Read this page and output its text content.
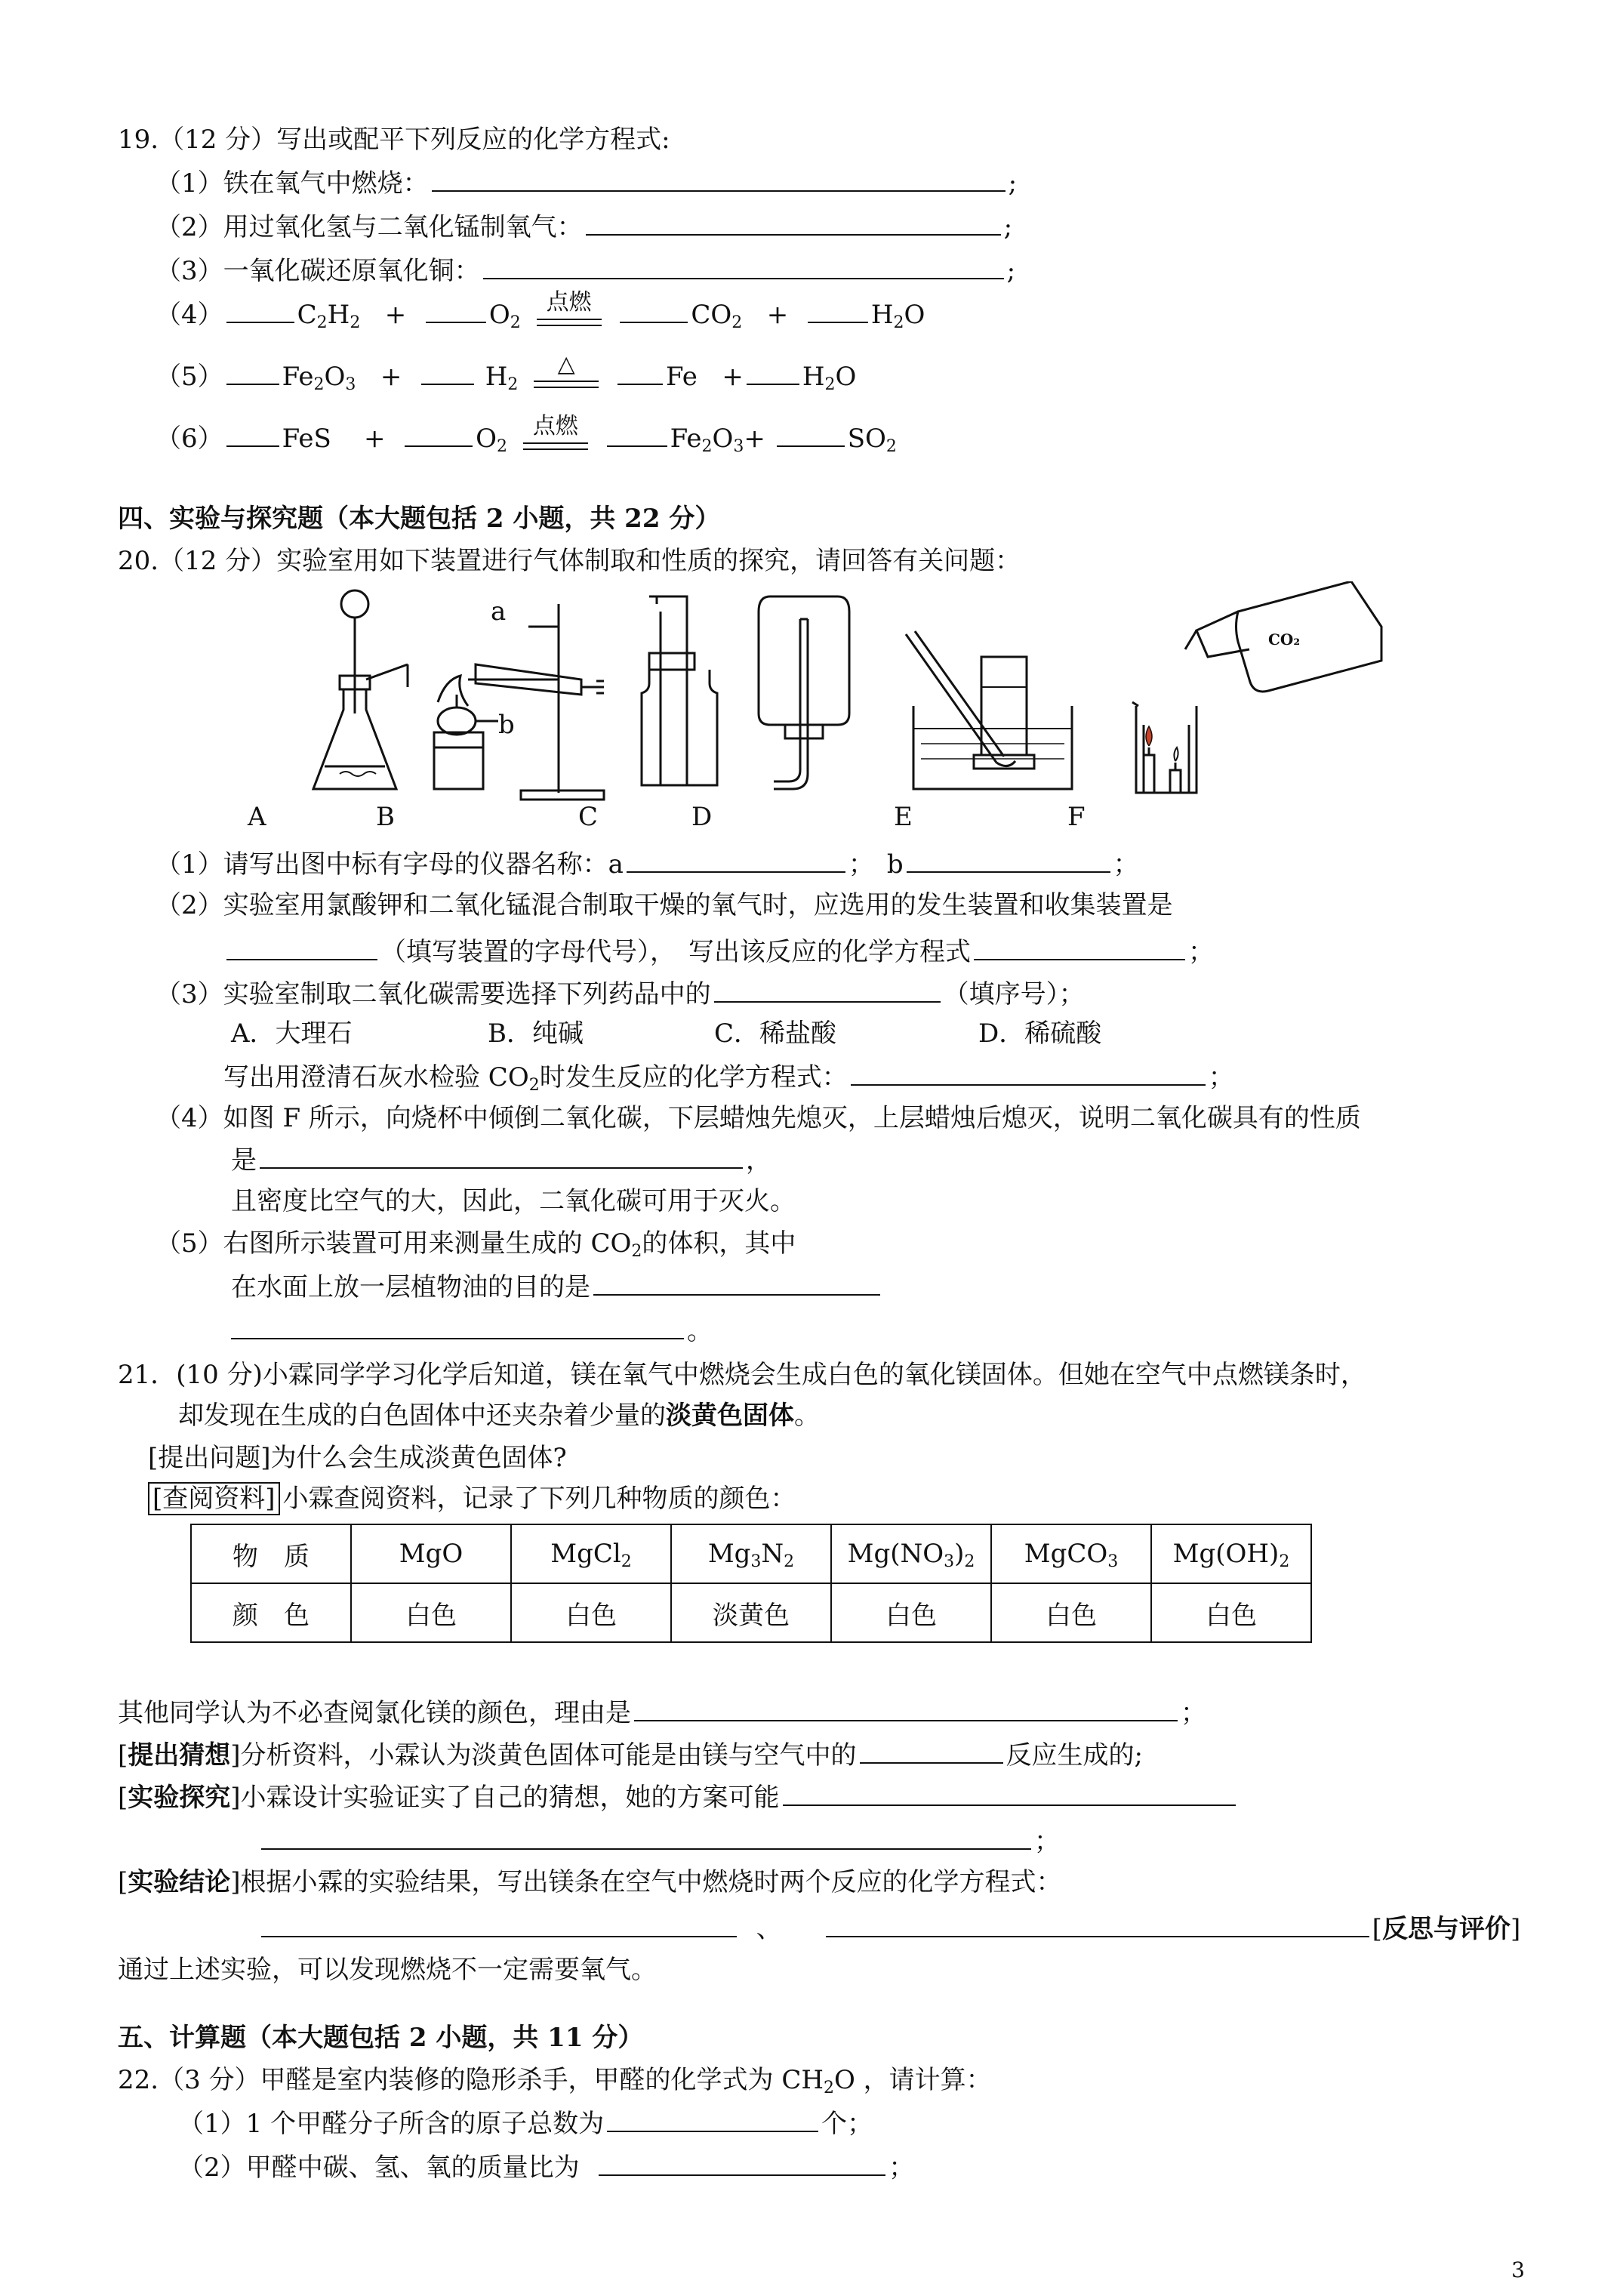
19.（12 分）写出或配平下列反应的化学方程式:
（1）铁在氧气中燃烧：	;
（2）用过氧化氢与二氧化锰制氧气：	;
（3）一氧化碳还原氧化铜：	;
（4）	$C_2H_2$ +	$O_2$
点燃	$CO_2$ +	$H_2O$
（5） $Fe_2O_3$ +	$H_2$
△	$Fe + H_2O$
（6） FeS +	$O_2$
点燃	$Fe_2O_3+$	$SO_2$
四、实验与探究题（本大题包括 2 小题，共 22 分）
20.（12 分）实验室用如下装置进行气体制取和性质的探究，请回答有关问题：
a
b
CO₂
A	B	C	D	E	F
（1）请写出图中标有字母的仪器名称：a	；　b	；
（2）实验室用氯酸钾和二氧化锰混合制取干燥的氧气时，应选用的发生装置和收集装置是
（填写装置的字母代号），　写出该反应的化学方程式	；
（3）实验室制取二氧化碳需要选择下列药品中的	（填序号）；
A．大理石	B．纯碱	C．稀盐酸	D．稀硫酸
写出用澄清石灰水检验 $CO_2$时发生反应的化学方程式：	；
（4）如图 F 所示，向烧杯中倾倒二氧化碳，下层蜡烛先熄灭，上层蜡烛后熄灭，说明二氧化碳具有的性质
是	，
且密度比空气的大，因此，二氧化碳可用于灭火。
（5）右图所示装置可用来测量生成的 $CO_2$的体积，其中
在水面上放一层植物油的目的是
。
21．(10 分)小霖同学学习化学后知道，镁在氧气中燃烧会生成白色的氧化镁固体。但她在空气中点燃镁条时，
却发现在生成的白色固体中还夹杂着少量的淡黄色固体。
[提出问题]为什么会生成淡黄色固体?
[查阅资料] 小霖查阅资料，记录了下列几种物质的颜色：
物　质	MgO	MgCl$_2$	$Mg_3N_2$	$Mg(NO_3)_2$	MgCO$_3$	$Mg(OH)_2$
颜　色	白色	白色	淡黄色	白色	白色	白色
其他同学认为不必查阅氯化镁的颜色，理由是	；
[提出猜想]分析资料，小霖认为淡黄色固体可能是由镁与空气中的	反应生成的;
[实验探究]小霖设计实验证实了自己的猜想，她的方案可能
；
[实验结论]根据小霖的实验结果，写出镁条在空气中燃烧时两个反应的化学方程式：
、	[反思与评价]
通过上述实验，可以发现燃烧不一定需要氧气。
五、计算题（本大题包括 2 小题，共 11 分）
22.（3 分）甲醛是室内装修的隐形杀手，甲醛的化学式为 $CH_2O$ ，请计算：
（1）1 个甲醛分子所含的原子总数为	个；
（2）甲醛中碳、氢、氧的质量比为	；
3
